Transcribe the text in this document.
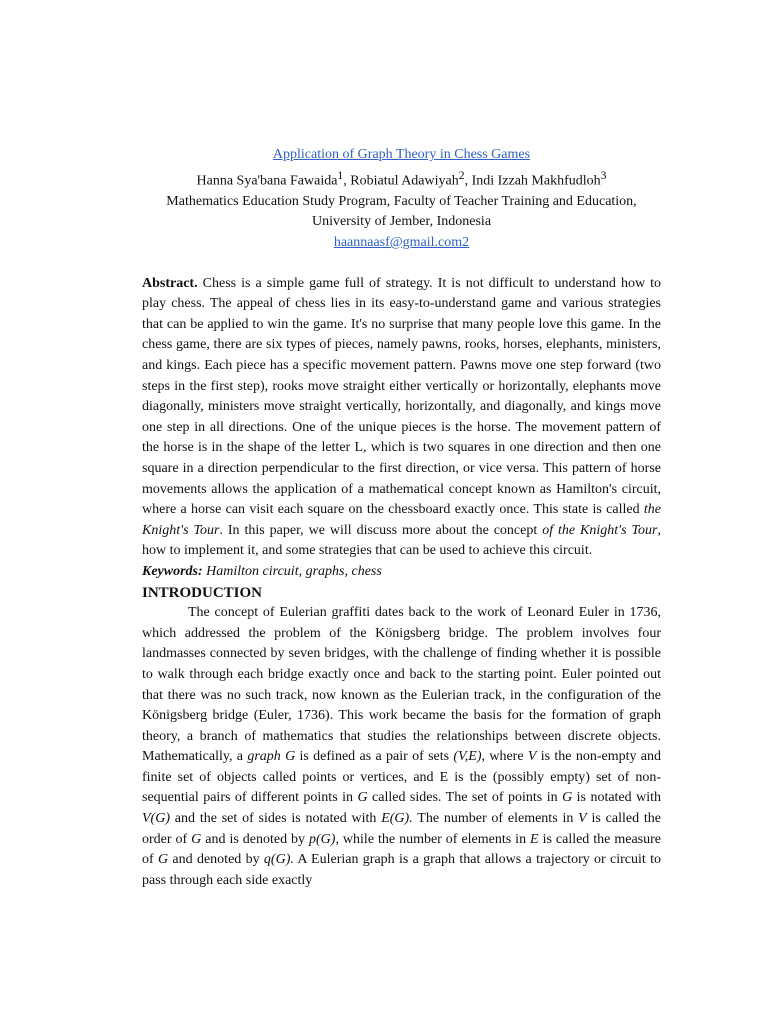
Application of Graph Theory in Chess Games
Hanna Sya'bana Fawaida$^1$, Robiatul Adawiyah$^2$, Indi Izzah Makhfudloh$^3$
Mathematics Education Study Program, Faculty of Teacher Training and Education,
University of Jember, Indonesia
haannaasf@gmail.com2

Abstract. Chess is a simple game full of strategy. It is not difficult to understand how to play chess. The appeal of chess lies in its easy-to-understand game and various strategies that can be applied to win the game. It's no surprise that many people love this game. In the chess game, there are six types of pieces, namely pawns, rooks, horses, elephants, ministers, and kings. Each piece has a specific movement pattern. Pawns move one step forward (two steps in the first step), rooks move straight either vertically or horizontally, elephants move diagonally, ministers move straight vertically, horizontally, and diagonally, and kings move one step in all directions. One of the unique pieces is the horse. The movement pattern of the horse is in the shape of the letter L, which is two squares in one direction and then one square in a direction perpendicular to the first direction, or vice versa. This pattern of horse movements allows the application of a mathematical concept known as Hamilton's circuit, where a horse can visit each square on the chessboard exactly once. This state is called the Knight's Tour. In this paper, we will discuss more about the concept of the Knight's Tour, how to implement it, and some strategies that can be used to achieve this circuit.

Keywords: Hamilton circuit, graphs, chess

INTRODUCTION

The concept of Eulerian graffiti dates back to the work of Leonard Euler in 1736, which addressed the problem of the Königsberg bridge. The problem involves four landmasses connected by seven bridges, with the challenge of finding whether it is possible to walk through each bridge exactly once and back to the starting point. Euler pointed out that there was no such track, now known as the Eulerian track, in the configuration of the Königsberg bridge (Euler, 1736). This work became the basis for the formation of graph theory, a branch of mathematics that studies the relationships between discrete objects. Mathematically, a graph G is defined as a pair of sets (V,E), where V is the non-empty and finite set of objects called points or vertices, and E is the (possibly empty) set of non-sequential pairs of different points in G called sides. The set of points in G is notated with V(G) and the set of sides is notated with E(G). The number of elements in V is called the order of G and is denoted by p(G), while the number of elements in E is called the measure of G and denoted by q(G). A Eulerian graph is a graph that allows a trajectory or circuit to pass through each side exactly
